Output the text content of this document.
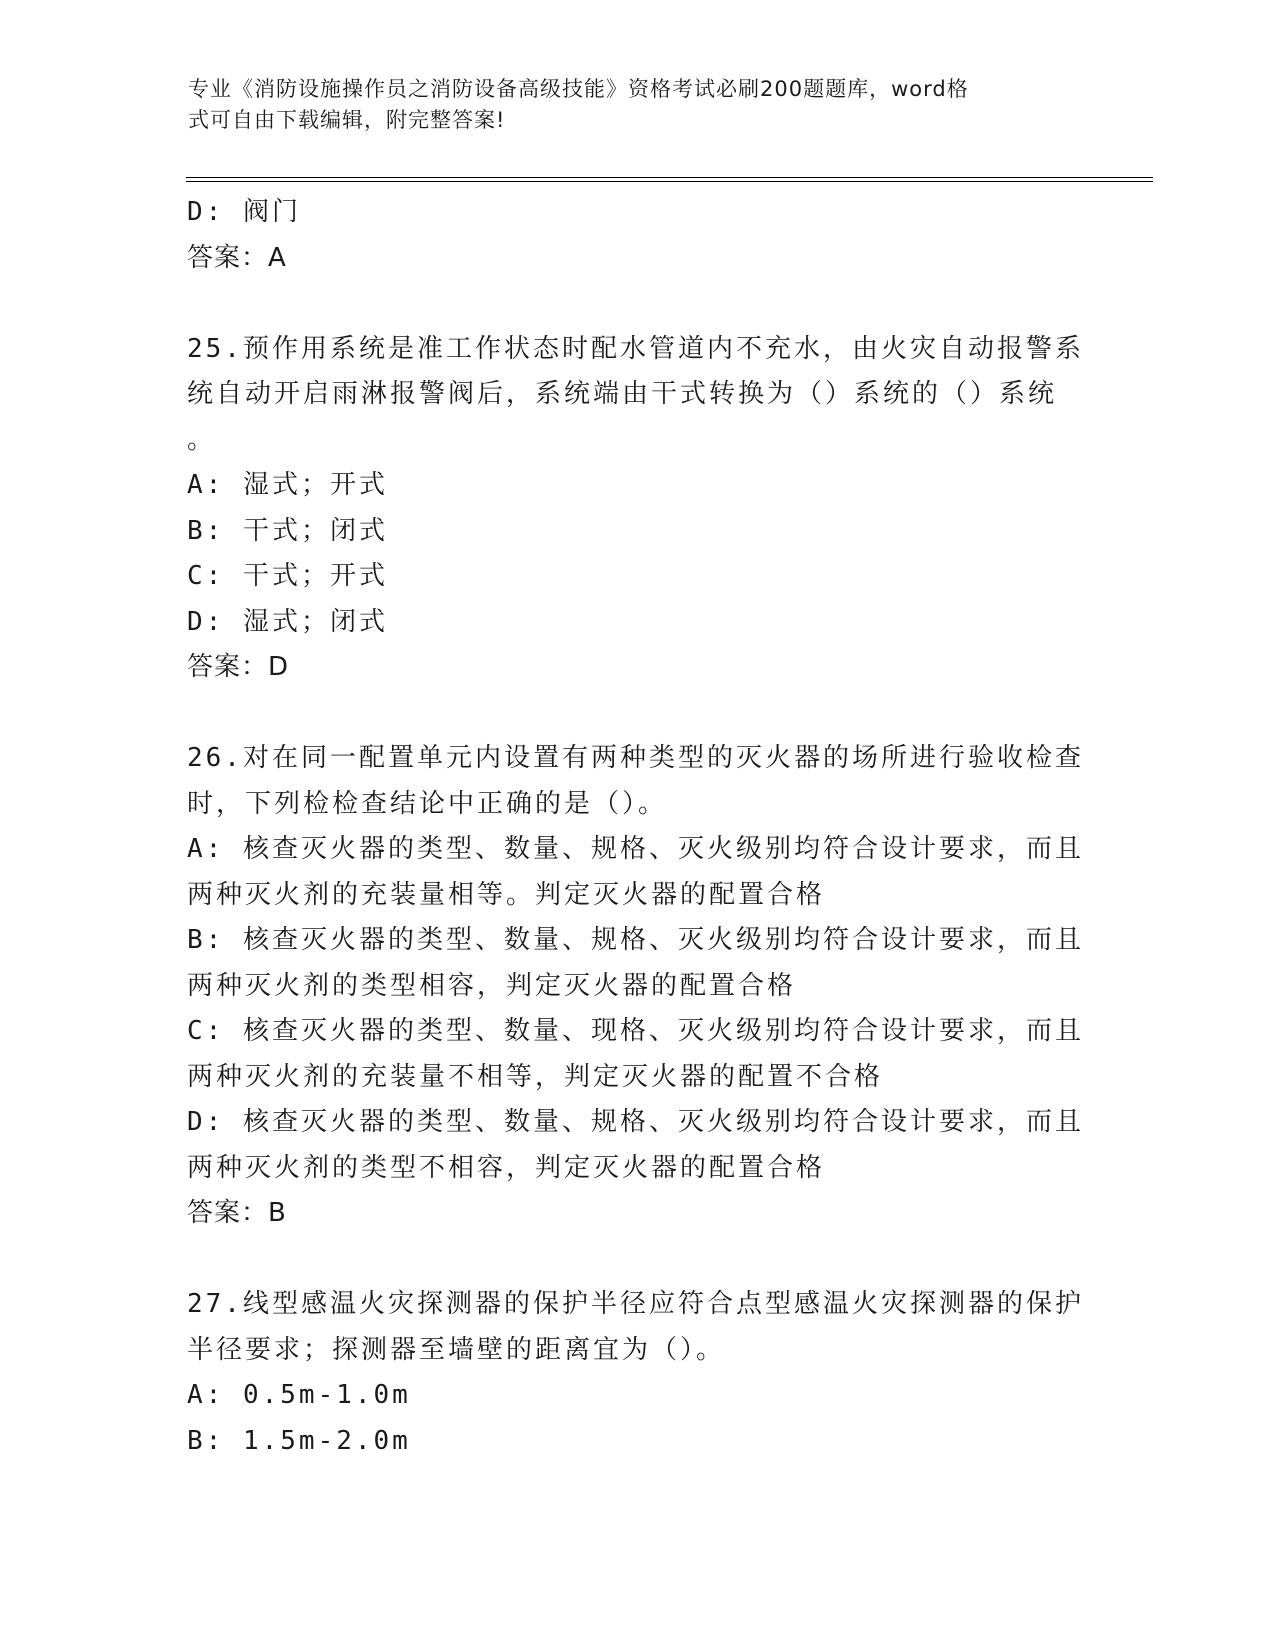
专业《消防设施操作员之消防设备高级技能》资格考试必刷200题题库，word格
式可自由下载编辑，附完整答案!
D: 阀门
答案：A
25.预作用系统是准工作状态时配水管道内不充水，由火灾自动报警系
统自动开启雨淋报警阀后，系统端由干式转换为（）系统的（）系统
。
A: 湿式；开式
B: 干式；闭式
C: 干式；开式
D: 湿式；闭式
答案：D
26.对在同一配置单元内设置有两种类型的灭火器的场所进行验收检查
时，下列检检查结论中正确的是（）。
A: 核查灭火器的类型、数量、规格、灭火级别均符合设计要求，而且
两种灭火剂的充装量相等。判定灭火器的配置合格
B: 核查灭火器的类型、数量、规格、灭火级别均符合设计要求，而且
两种灭火剂的类型相容，判定灭火器的配置合格
C: 核查灭火器的类型、数量、现格、灭火级别均符合设计要求，而且
两种灭火剂的充装量不相等，判定灭火器的配置不合格
D: 核查灭火器的类型、数量、规格、灭火级别均符合设计要求，而且
两种灭火剂的类型不相容，判定灭火器的配置合格
答案：B
27.线型感温火灾探测器的保护半径应符合点型感温火灾探测器的保护
半径要求；探测器至墙壁的距离宜为（）。
A: 0.5m-1.0m
B: 1.5m-2.0m
